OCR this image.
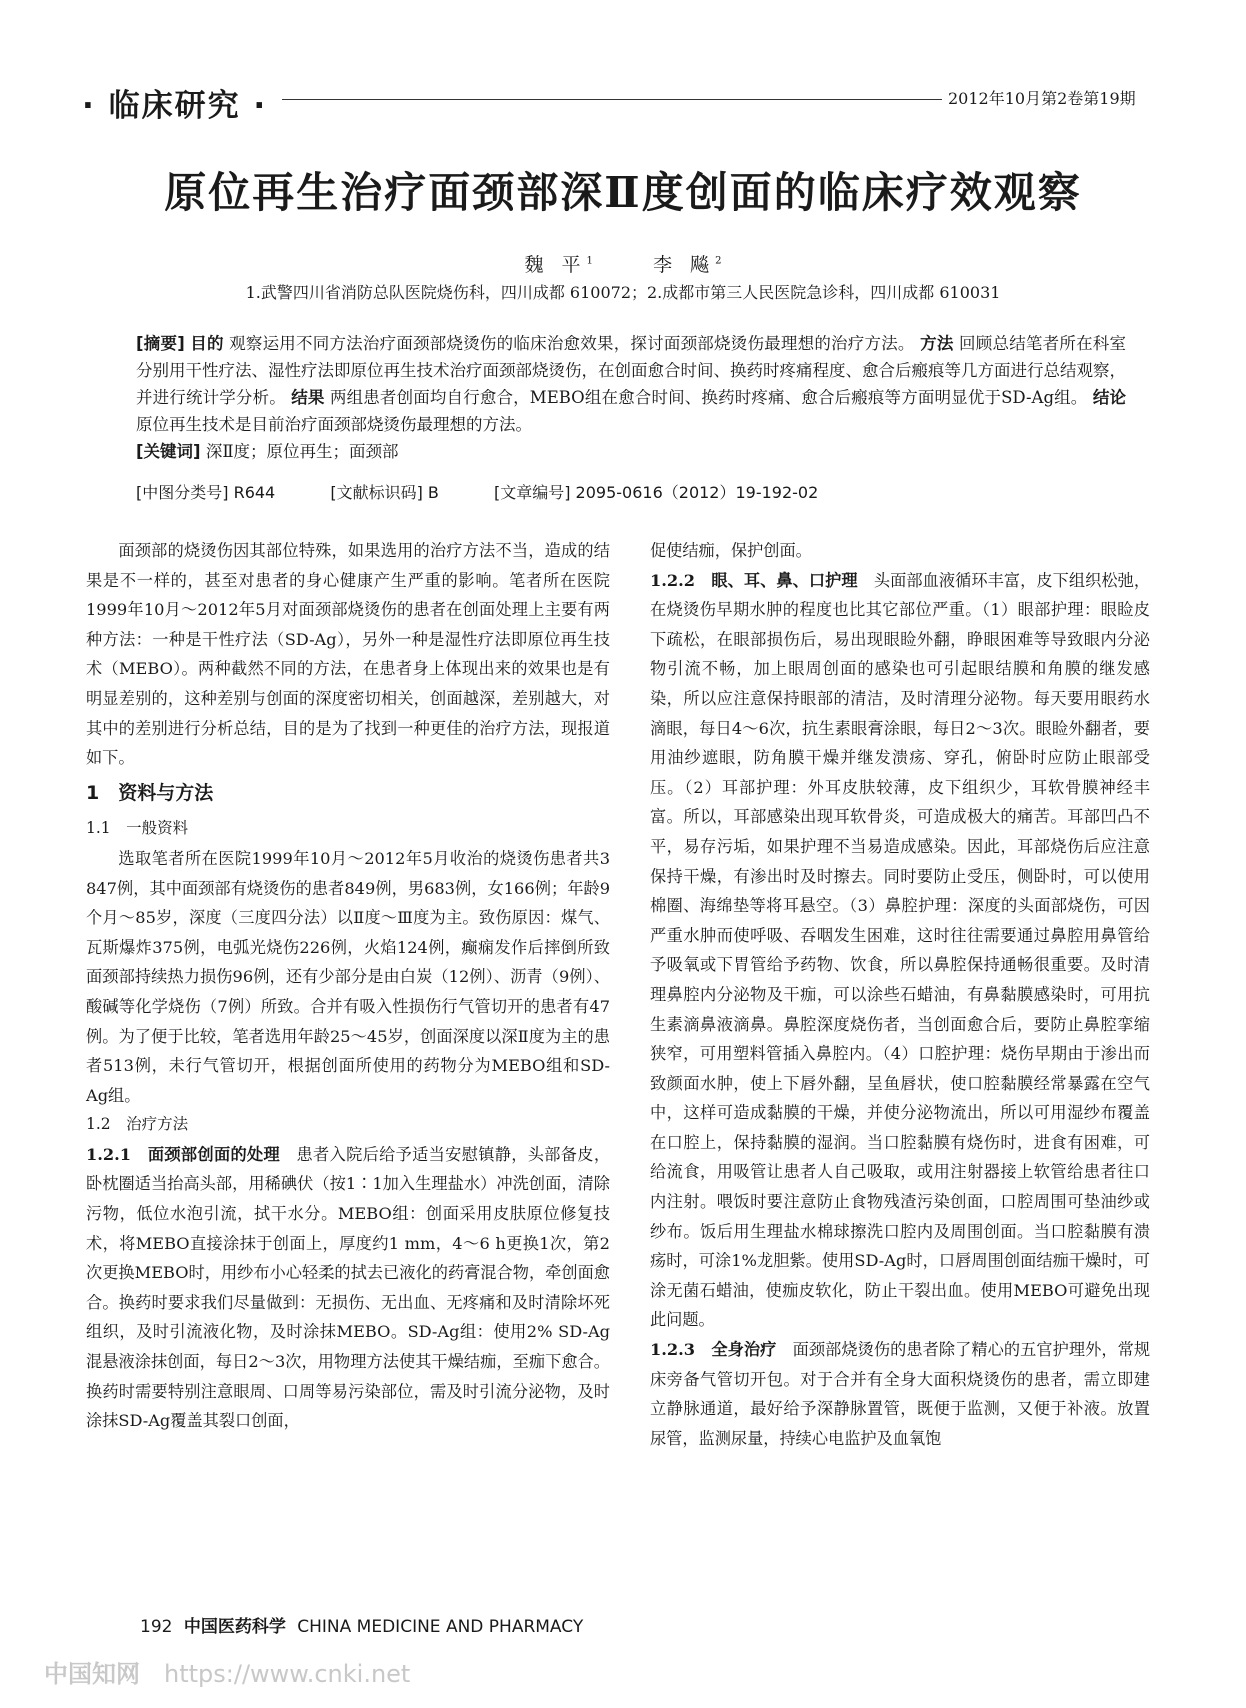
· 临床研究 ·	2012年10月第2卷第19期
原位再生治疗面颈部深Ⅱ度创面的临床疗效观察
魏 平$^1$	李 飚$^2$
1.武警四川省消防总队医院烧伤科，四川成都 610072；2.成都市第三人民医院急诊科，四川成都 610031
[摘要] 目的 观察运用不同方法治疗面颈部烧烫伤的临床治愈效果，探讨面颈部烧烫伤最理想的治疗方法。 方法 回顾总结笔者所在科室分别用干性疗法、湿性疗法即原位再生技术治疗面颈部烧烫伤，在创面愈合时间、换药时疼痛程度、愈合后瘢痕等几方面进行总结观察，并进行统计学分析。 结果 两组患者创面均自行愈合，MEBO组在愈合时间、换药时疼痛、愈合后瘢痕等方面明显优于SD-Ag组。 结论 原位再生技术是目前治疗面颈部烧烫伤最理想的方法。
[关键词] 深Ⅱ度；原位再生；面颈部
[中图分类号] R644	[文献标识码] B	[文章编号] 2095-0616（2012）19-192-02

面颈部的烧烫伤因其部位特殊，如果选用的治疗方法不当，造成的结果是不一样的，甚至对患者的身心健康产生严重的影响。笔者所在医院1999年10月～2012年5月对面颈部烧烫伤的患者在创面处理上主要有两种方法：一种是干性疗法（SD-Ag），另外一种是湿性疗法即原位再生技术（MEBO）。两种截然不同的方法，在患者身上体现出来的效果也是有明显差别的，这种差别与创面的深度密切相关，创面越深，差别越大，对其中的差别进行分析总结，目的是为了找到一种更佳的治疗方法，现报道如下。

1　资料与方法

1.1　一般资料

选取笔者所在医院1999年10月～2012年5月收治的烧烫伤患者共3 847例，其中面颈部有烧烫伤的患者849例，男683例，女166例；年龄9个月～85岁，深度（三度四分法）以Ⅱ度～Ⅲ度为主。致伤原因：煤气、瓦斯爆炸375例，电弧光烧伤226例，火焰124例，癫痫发作后摔倒所致面颈部持续热力损伤96例，还有少部分是由白炭（12例）、沥青（9例）、酸碱等化学烧伤（7例）所致。合并有吸入性损伤行气管切开的患者有47例。为了便于比较，笔者选用年龄25～45岁，创面深度以深Ⅱ度为主的患者513例，未行气管切开，根据创面所使用的药物分为MEBO组和SD-Ag组。

1.2　治疗方法

1.2.1　面颈部创面的处理　 患者入院后给予适当安慰镇静，头部备皮，卧枕圈适当抬高头部，用稀碘伏（按1∶1加入生理盐水）冲洗创面，清除污物，低位水泡引流，拭干水分。MEBO组：创面采用皮肤原位修复技术，将MEBO直接涂抹于创面上，厚度约1 mm，4～6 h更换1次，第2次更换MEBO时，用纱布小心轻柔的拭去已液化的药膏混合物，牵创面愈合。换药时要求我们尽量做到：无损伤、无出血、无疼痛和及时清除坏死组织，及时引流液化物，及时涂抹MEBO。SD-Ag组：使用2% SD-Ag混悬液涂抹创面，每日2～3次，用物理方法使其干燥结痂，至痂下愈合。换药时需要特别注意眼周、口周等易污染部位，需及时引流分泌物，及时涂抹SD-Ag覆盖其裂口创面，

促使结痂，保护创面。

1.2.2　眼、耳、鼻、口护理　 头面部血液循环丰富，皮下组织松弛，在烧烫伤早期水肿的程度也比其它部位严重。（1）眼部护理：眼睑皮下疏松，在眼部损伤后，易出现眼睑外翻，睁眼困难等导致眼内分泌物引流不畅，加上眼周创面的感染也可引起眼结膜和角膜的继发感染，所以应注意保持眼部的清洁，及时清理分泌物。每天要用眼药水滴眼，每日4～6次，抗生素眼膏涂眼，每日2～3次。眼睑外翻者，要用油纱遮眼，防角膜干燥并继发溃疡、穿孔，俯卧时应防止眼部受压。（2）耳部护理：外耳皮肤较薄，皮下组织少，耳软骨膜神经丰富。所以，耳部感染出现耳软骨炎，可造成极大的痛苦。耳部凹凸不平，易存污垢，如果护理不当易造成感染。因此，耳部烧伤后应注意保持干燥，有渗出时及时擦去。同时要防止受压，侧卧时，可以使用棉圈、海绵垫等将耳悬空。（3）鼻腔护理：深度的头面部烧伤，可因严重水肿而使呼吸、吞咽发生困难，这时往往需要通过鼻腔用鼻管给予吸氧或下胃管给予药物、饮食，所以鼻腔保持通畅很重要。及时清理鼻腔内分泌物及干痂，可以涂些石蜡油，有鼻黏膜感染时，可用抗生素滴鼻液滴鼻。鼻腔深度烧伤者，当创面愈合后，要防止鼻腔挛缩狭窄，可用塑料管插入鼻腔内。（4）口腔护理：烧伤早期由于渗出而致颜面水肿，使上下唇外翻，呈鱼唇状，使口腔黏膜经常暴露在空气中，这样可造成黏膜的干燥，并使分泌物流出，所以可用湿纱布覆盖在口腔上，保持黏膜的湿润。当口腔黏膜有烧伤时，进食有困难，可给流食，用吸管让患者人自己吸取，或用注射器接上软管给患者往口内注射。喂饭时要注意防止食物残渣污染创面，口腔周围可垫油纱或纱布。饭后用生理盐水棉球擦洗口腔内及周围创面。当口腔黏膜有溃疡时，可涂1%龙胆紫。使用SD-Ag时，口唇周围创面结痂干燥时，可涂无菌石蜡油，使痂皮软化，防止干裂出血。使用MEBO可避免出现此问题。

1.2.3　全身治疗　 面颈部烧烫伤的患者除了精心的五官护理外，常规床旁备气管切开包。对于合并有全身大面积烧烫伤的患者，需立即建立静脉通道，最好给予深静脉置管，既便于监测，又便于补液。放置尿管，监测尿量，持续心电监护及血氧饱

192 中国医药科学 CHINA MEDICINE AND PHARMACY
中国知网 https://www.cnki.net
